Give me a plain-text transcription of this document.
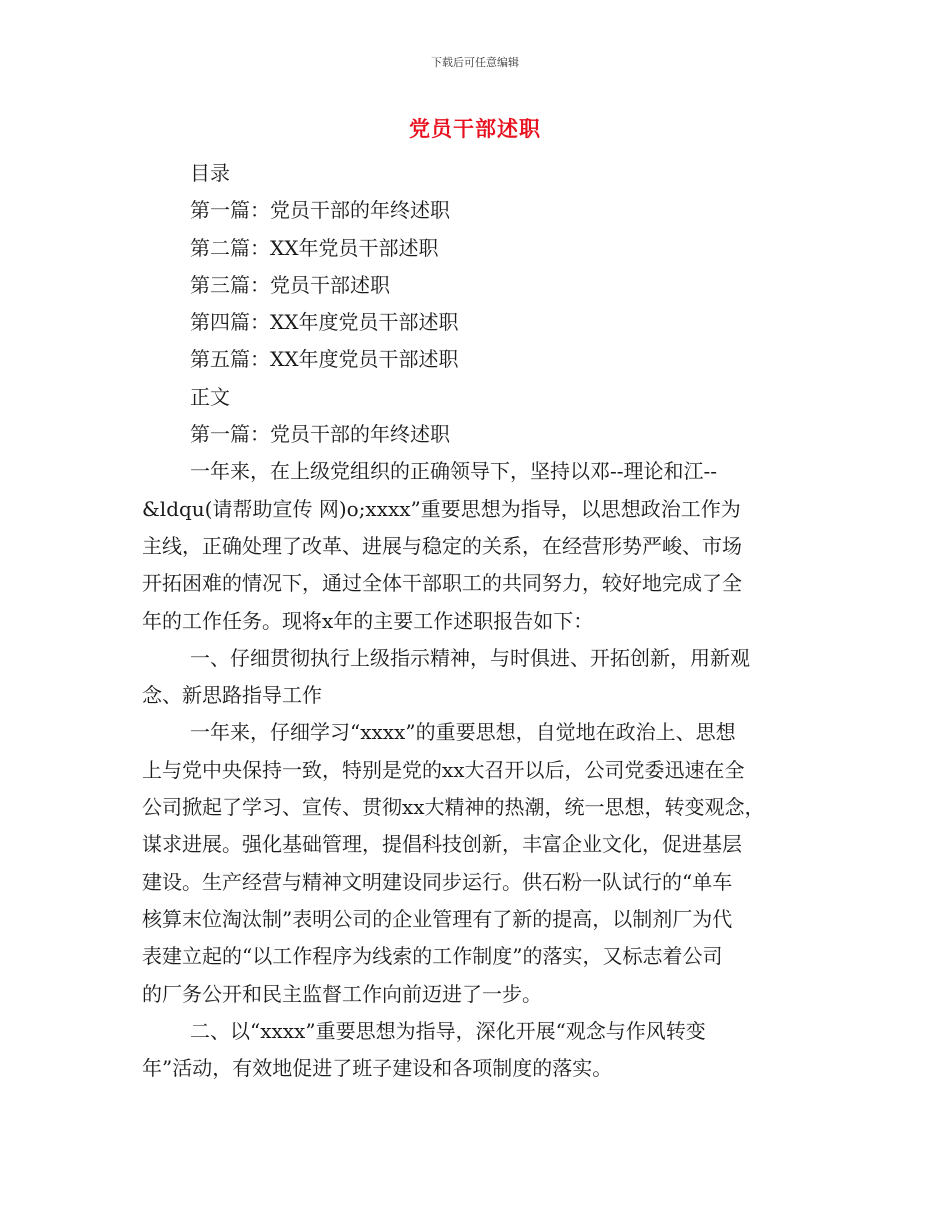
下载后可任意编辑
党员干部述职
目录
第一篇：党员干部的年终述职
第二篇：XX年党员干部述职
第三篇：党员干部述职
第四篇：XX年度党员干部述职
第五篇：XX年度党员干部述职
正文
第一篇：党员干部的年终述职
一年来，在上级党组织的正确领导下，坚持以邓--理论和江--
&ldqu(请帮助宣传 网)o;xxxx”重要思想为指导，以思想政治工作为
主线，正确处理了改革、进展与稳定的关系，在经营形势严峻、市场
开拓困难的情况下，通过全体干部职工的共同努力，较好地完成了全
年的工作任务。现将x年的主要工作述职报告如下：
一、仔细贯彻执行上级指示精神，与时俱进、开拓创新，用新观
念、新思路指导工作
一年来，仔细学习“xxxx”的重要思想，自觉地在政治上、思想
上与党中央保持一致，特别是党的xx大召开以后，公司党委迅速在全
公司掀起了学习、宣传、贯彻xx大精神的热潮，统一思想，转变观念，
谋求进展。强化基础管理，提倡科技创新，丰富企业文化，促进基层
建设。生产经营与精神文明建设同步运行。供石粉一队试行的“单车
核算末位淘汰制”表明公司的企业管理有了新的提高，以制剂厂为代
表建立起的“以工作程序为线索的工作制度”的落实，又标志着公司
的厂务公开和民主监督工作向前迈进了一步。
二、以“xxxx”重要思想为指导，深化开展“观念与作风转变
年”活动，有效地促进了班子建设和各项制度的落实。
